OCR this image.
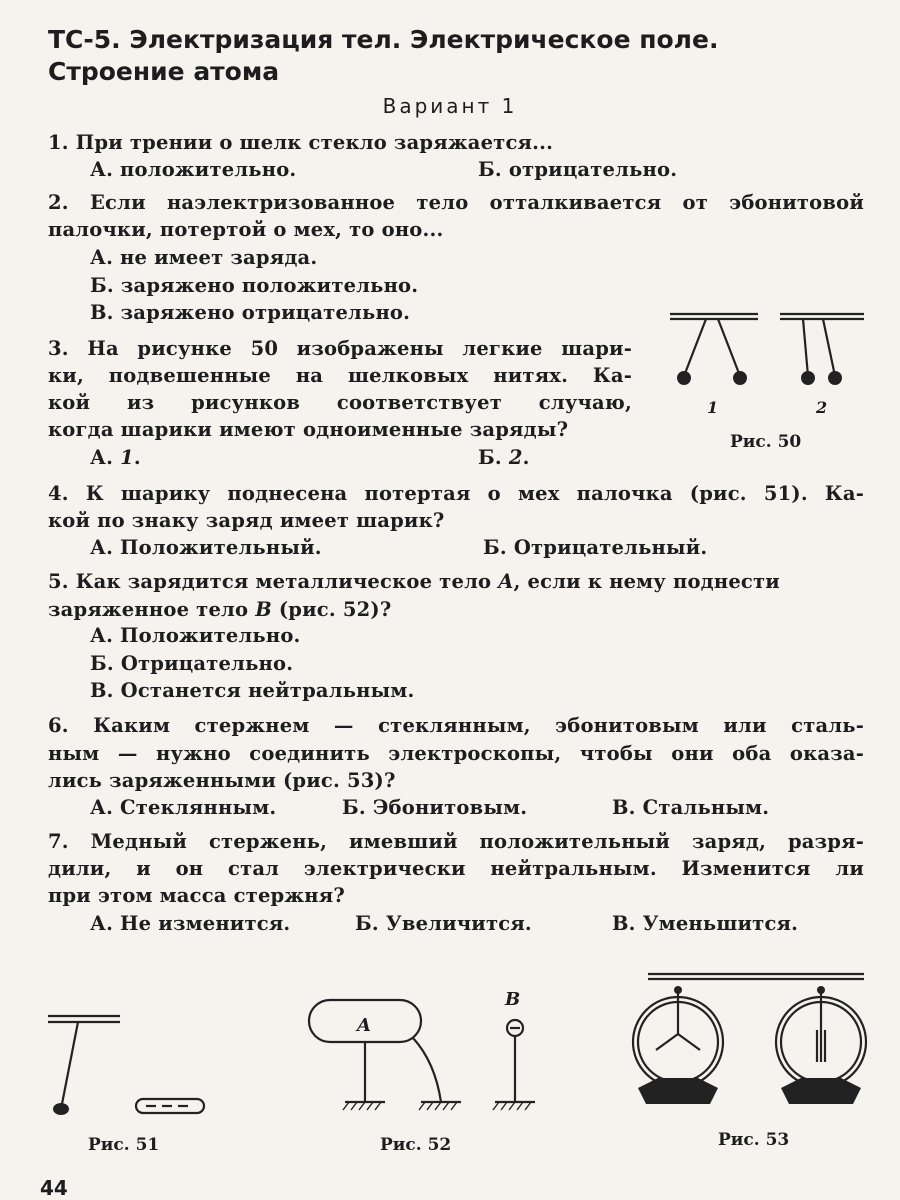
ТС-5. Электризация тел. Электрическое поле.
Строение атома
Вариант 1
1. При трении о шелк стекло заряжается...
А. положительно.	Б. отрицательно.
2. Если наэлектризованное тело отталкивается от эбонитовой
палочки, потертой о мех, то оно...
А. не имеет заряда.
Б. заряжено положительно.
В. заряжено отрицательно.
3. На рисунке 50 изображены легкие шари-
ки, подвешенные на шелковых нитях. Ка-
кой из рисунков соответствует случаю,
когда шарики имеют одноименные заряды?
А. 1.	Б. 2.
1	2
Рис. 50
4. К шарику поднесена потертая о мех палочка (рис. 51). Ка-
кой по знаку заряд имеет шарик?
А. Положительный.	Б. Отрицательный.
5. Как зарядится металлическое тело A, если к нему поднести
заряженное тело B (рис. 52)?
А. Положительно.
Б. Отрицательно.
В. Останется нейтральным.
6. Каким стержнем — стеклянным, эбонитовым или сталь-
ным — нужно соединить электроскопы, чтобы они оба оказа-
лись заряженными (рис. 53)?
А. Стеклянным.	Б. Эбонитовым.	В. Стальным.
7. Медный стержень, имевший положительный заряд, разря-
дили, и он стал электрически нейтральным. Изменится ли
при этом масса стержня?
А. Не изменится.	Б. Увеличится.	В. Уменьшится.
Рис. 51
A
B
Рис. 52	Рис. 53
44
